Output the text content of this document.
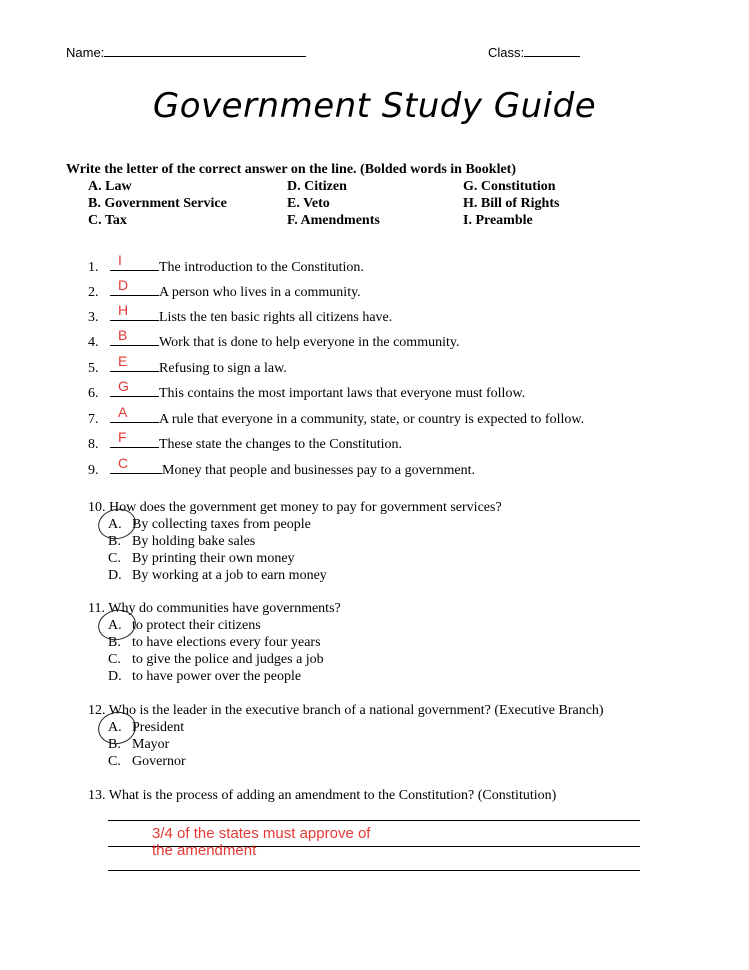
Name:	Class:
Government Study Guide
Write the letter of the correct answer on the line. (Bolded words in Booklet)
A. Law	D. Citizen	G. Constitution
B. Government Service	E. Veto	H. Bill of Rights
C. Tax	F. Amendments	I. Preamble
1. I	The introduction to the Constitution.
2. D A person who lives in a community.
3. H Lists the ten basic rights all citizens have.
4. B Work that is done to help everyone in the community.
5. E Refusing to sign a law.
6. G This contains the most important laws that everyone must follow.
7. A A rule that everyone in a community, state, or country is expected to follow.
8. F These state the changes to the Constitution.
9. C Money that people and businesses pay to a government.
10. How does the government get money to pay for government services?
A. By collecting taxes from people
B. By holding bake sales
C. By printing their own money
D. By working at a job to earn money
11. Why do communities have governments?
A. to protect their citizens
B. to have elections every four years
C. to give the police and judges a job
D. to have power over the people
12. Who is the leader in the executive branch of a national government? (Executive Branch)
A. President
B. Mayor
C. Governor
13. What is the process of adding an amendment to the Constitution? (Constitution)
3/4 of the states must approve of
the amendment
